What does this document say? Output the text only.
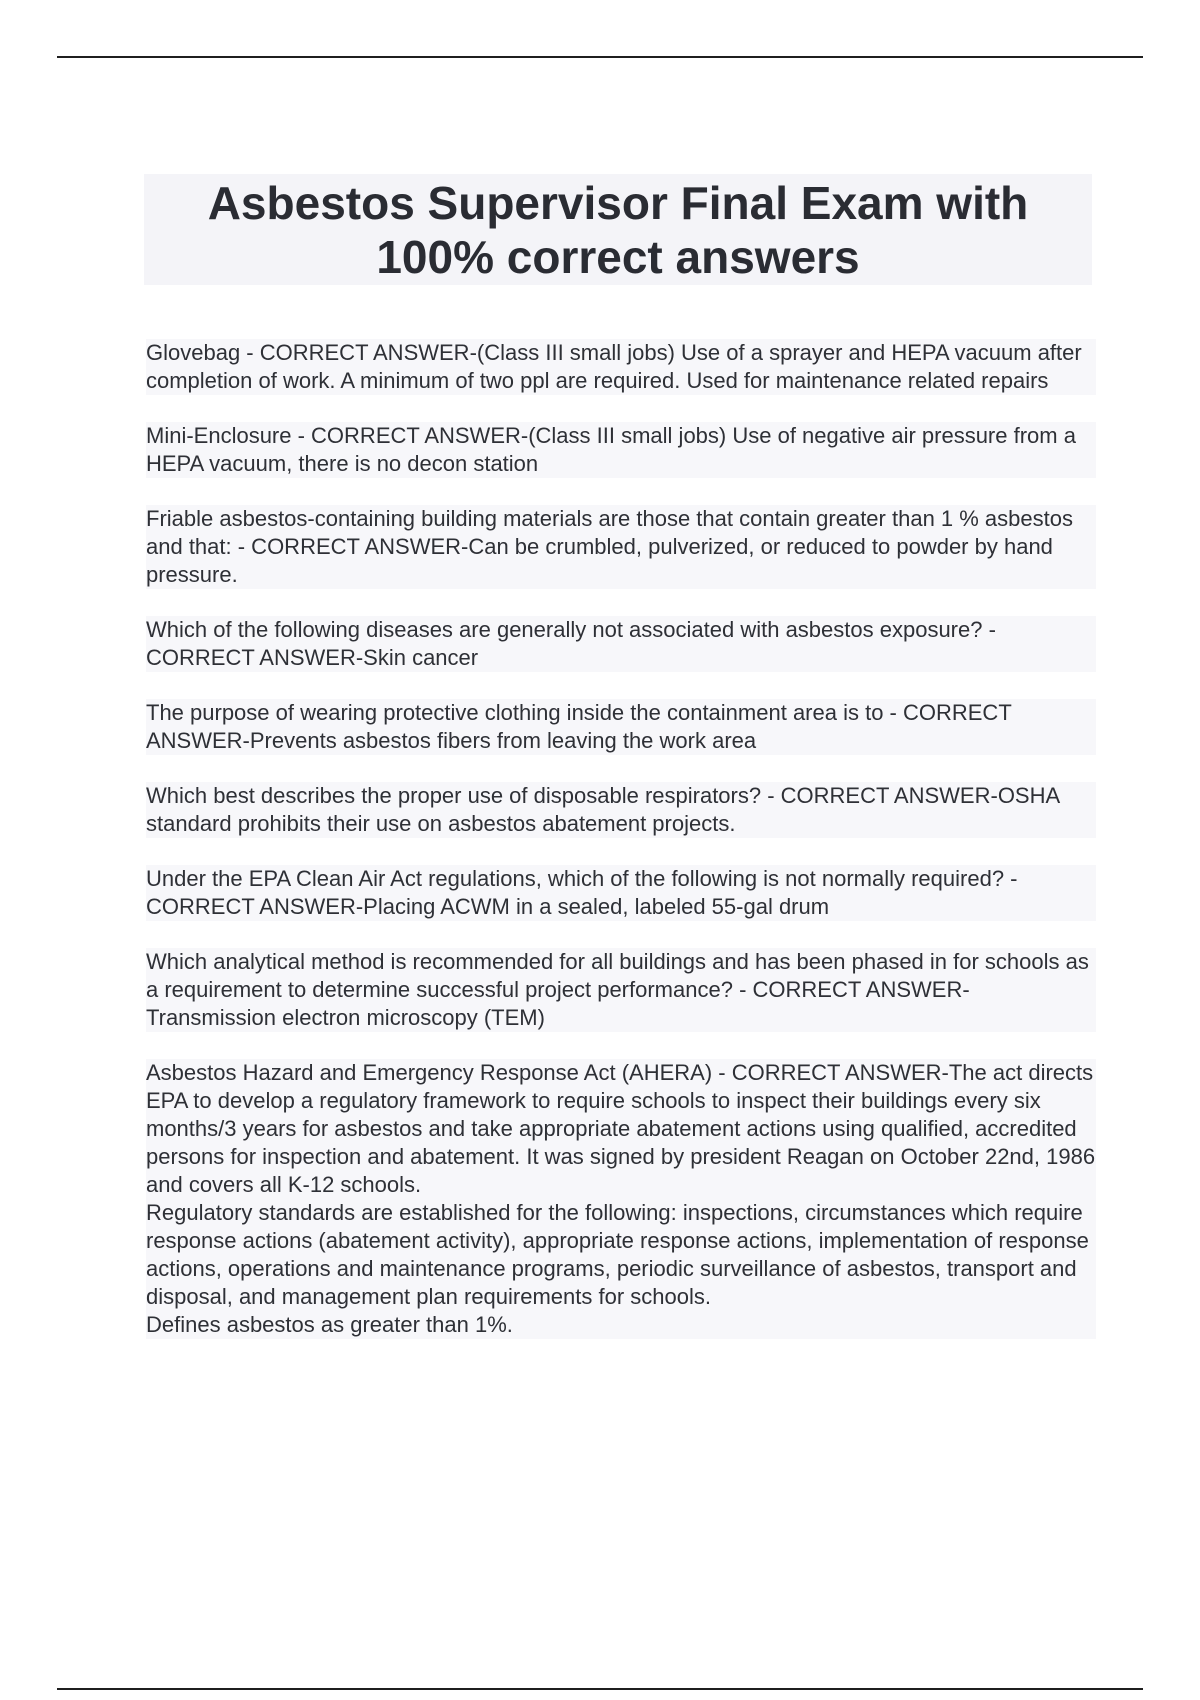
Asbestos Supervisor Final Exam with 100% correct answers

Glovebag - CORRECT ANSWER-(Class III small jobs) Use of a sprayer and HEPA vacuum after completion of work. A minimum of two ppl are required. Used for maintenance related repairs

Mini-Enclosure - CORRECT ANSWER-(Class III small jobs) Use of negative air pressure from a HEPA vacuum, there is no decon station

Friable asbestos-containing building materials are those that contain greater than 1 % asbestos and that: - CORRECT ANSWER-Can be crumbled, pulverized, or reduced to powder by hand pressure.

Which of the following diseases are generally not associated with asbestos exposure? - CORRECT ANSWER-Skin cancer

The purpose of wearing protective clothing inside the containment area is to - CORRECT ANSWER-Prevents asbestos fibers from leaving the work area

Which best describes the proper use of disposable respirators? - CORRECT ANSWER-OSHA standard prohibits their use on asbestos abatement projects.

Under the EPA Clean Air Act regulations, which of the following is not normally required? - CORRECT ANSWER-Placing ACWM in a sealed, labeled 55-gal drum

Which analytical method is recommended for all buildings and has been phased in for schools as a requirement to determine successful project performance? - CORRECT ANSWER-Transmission electron microscopy (TEM)

Asbestos Hazard and Emergency Response Act (AHERA) - CORRECT ANSWER-The act directs EPA to develop a regulatory framework to require schools to inspect their buildings every six months/3 years for asbestos and take appropriate abatement actions using qualified, accredited persons for inspection and abatement. It was signed by president Reagan on October 22nd, 1986 and covers all K-12 schools.
Regulatory standards are established for the following: inspections, circumstances which require response actions (abatement activity), appropriate response actions, implementation of response actions, operations and maintenance programs, periodic surveillance of asbestos, transport and disposal, and management plan requirements for schools.
Defines asbestos as greater than 1%.
